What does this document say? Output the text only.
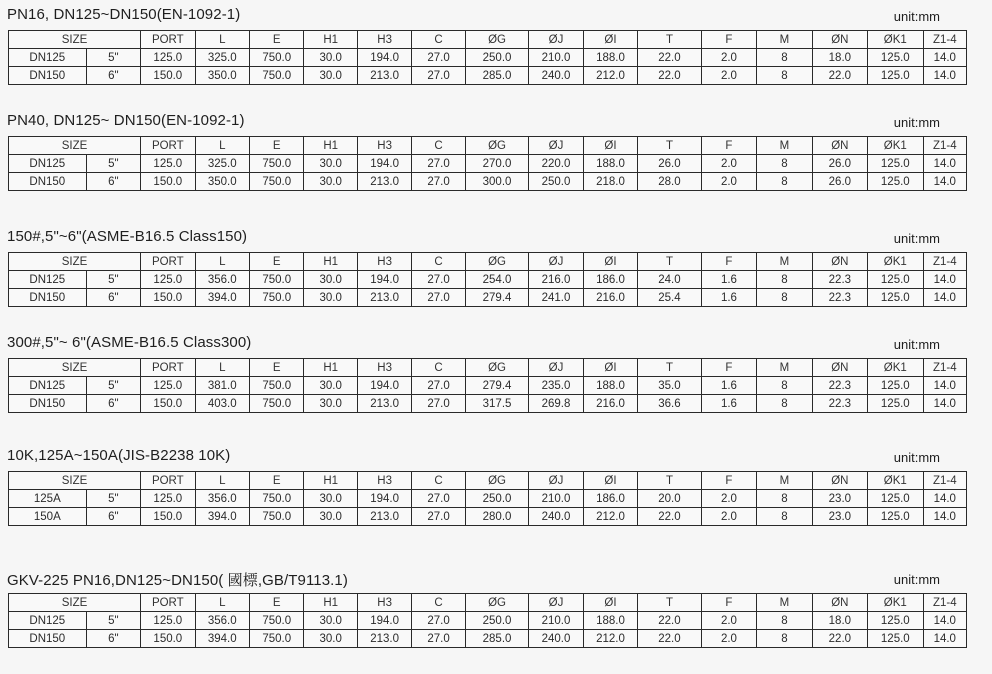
PN16, DN125~DN150(EN-1092-1)	unit:mm
SIZE		PORT	L	E	H1	H3	C	ØG	ØJ	ØI	T	F	M	ØN	ØK1	Z1-4
DN125	5"	125.0	325.0	750.0	30.0	194.0	27.0	250.0	210.0	188.0	22.0	2.0	8	18.0	125.0	14.0
DN150	6"	150.0	350.0	750.0	30.0	213.0	27.0	285.0	240.0	212.0	22.0	2.0	8	22.0	125.0	14.0
PN40, DN125~ DN150(EN-1092-1)	unit:mm
SIZE		PORT	L	E	H1	H3	C	ØG	ØJ	ØI	T	F	M	ØN	ØK1	Z1-4
DN125	5"	125.0	325.0	750.0	30.0	194.0	27.0	270.0	220.0	188.0	26.0	2.0	8	26.0	125.0	14.0
DN150	6"	150.0	350.0	750.0	30.0	213.0	27.0	300.0	250.0	218.0	28.0	2.0	8	26.0	125.0	14.0
150#,5"~6"(ASME-B16.5 Class150)	unit:mm
SIZE		PORT	L	E	H1	H3	C	ØG	ØJ	ØI	T	F	M	ØN	ØK1	Z1-4
DN125	5"	125.0	356.0	750.0	30.0	194.0	27.0	254.0	216.0	186.0	24.0	1.6	8	22.3	125.0	14.0
DN150	6"	150.0	394.0	750.0	30.0	213.0	27.0	279.4	241.0	216.0	25.4	1.6	8	22.3	125.0	14.0
300#,5"~ 6"(ASME-B16.5 Class300)	unit:mm
SIZE		PORT	L	E	H1	H3	C	ØG	ØJ	ØI	T	F	M	ØN	ØK1	Z1-4
DN125	5"	125.0	381.0	750.0	30.0	194.0	27.0	279.4	235.0	188.0	35.0	1.6	8	22.3	125.0	14.0
DN150	6"	150.0	403.0	750.0	30.0	213.0	27.0	317.5	269.8	216.0	36.6	1.6	8	22.3	125.0	14.0
10K,125A~150A(JIS-B2238 10K)	unit:mm
SIZE		PORT	L	E	H1	H3	C	ØG	ØJ	ØI	T	F	M	ØN	ØK1	Z1-4
125A	5"	125.0	356.0	750.0	30.0	194.0	27.0	250.0	210.0	186.0	20.0	2.0	8	23.0	125.0	14.0
150A	6"	150.0	394.0	750.0	30.0	213.0	27.0	280.0	240.0	212.0	22.0	2.0	8	23.0	125.0	14.0
GKV-225 PN16,DN125~DN150( 國標,GB/T9113.1)	unit:mm
SIZE		PORT	L	E	H1	H3	C	ØG	ØJ	ØI	T	F	M	ØN	ØK1	Z1-4
DN125	5"	125.0	356.0	750.0	30.0	194.0	27.0	250.0	210.0	188.0	22.0	2.0	8	18.0	125.0	14.0
DN150	6"	150.0	394.0	750.0	30.0	213.0	27.0	285.0	240.0	212.0	22.0	2.0	8	22.0	125.0	14.0
